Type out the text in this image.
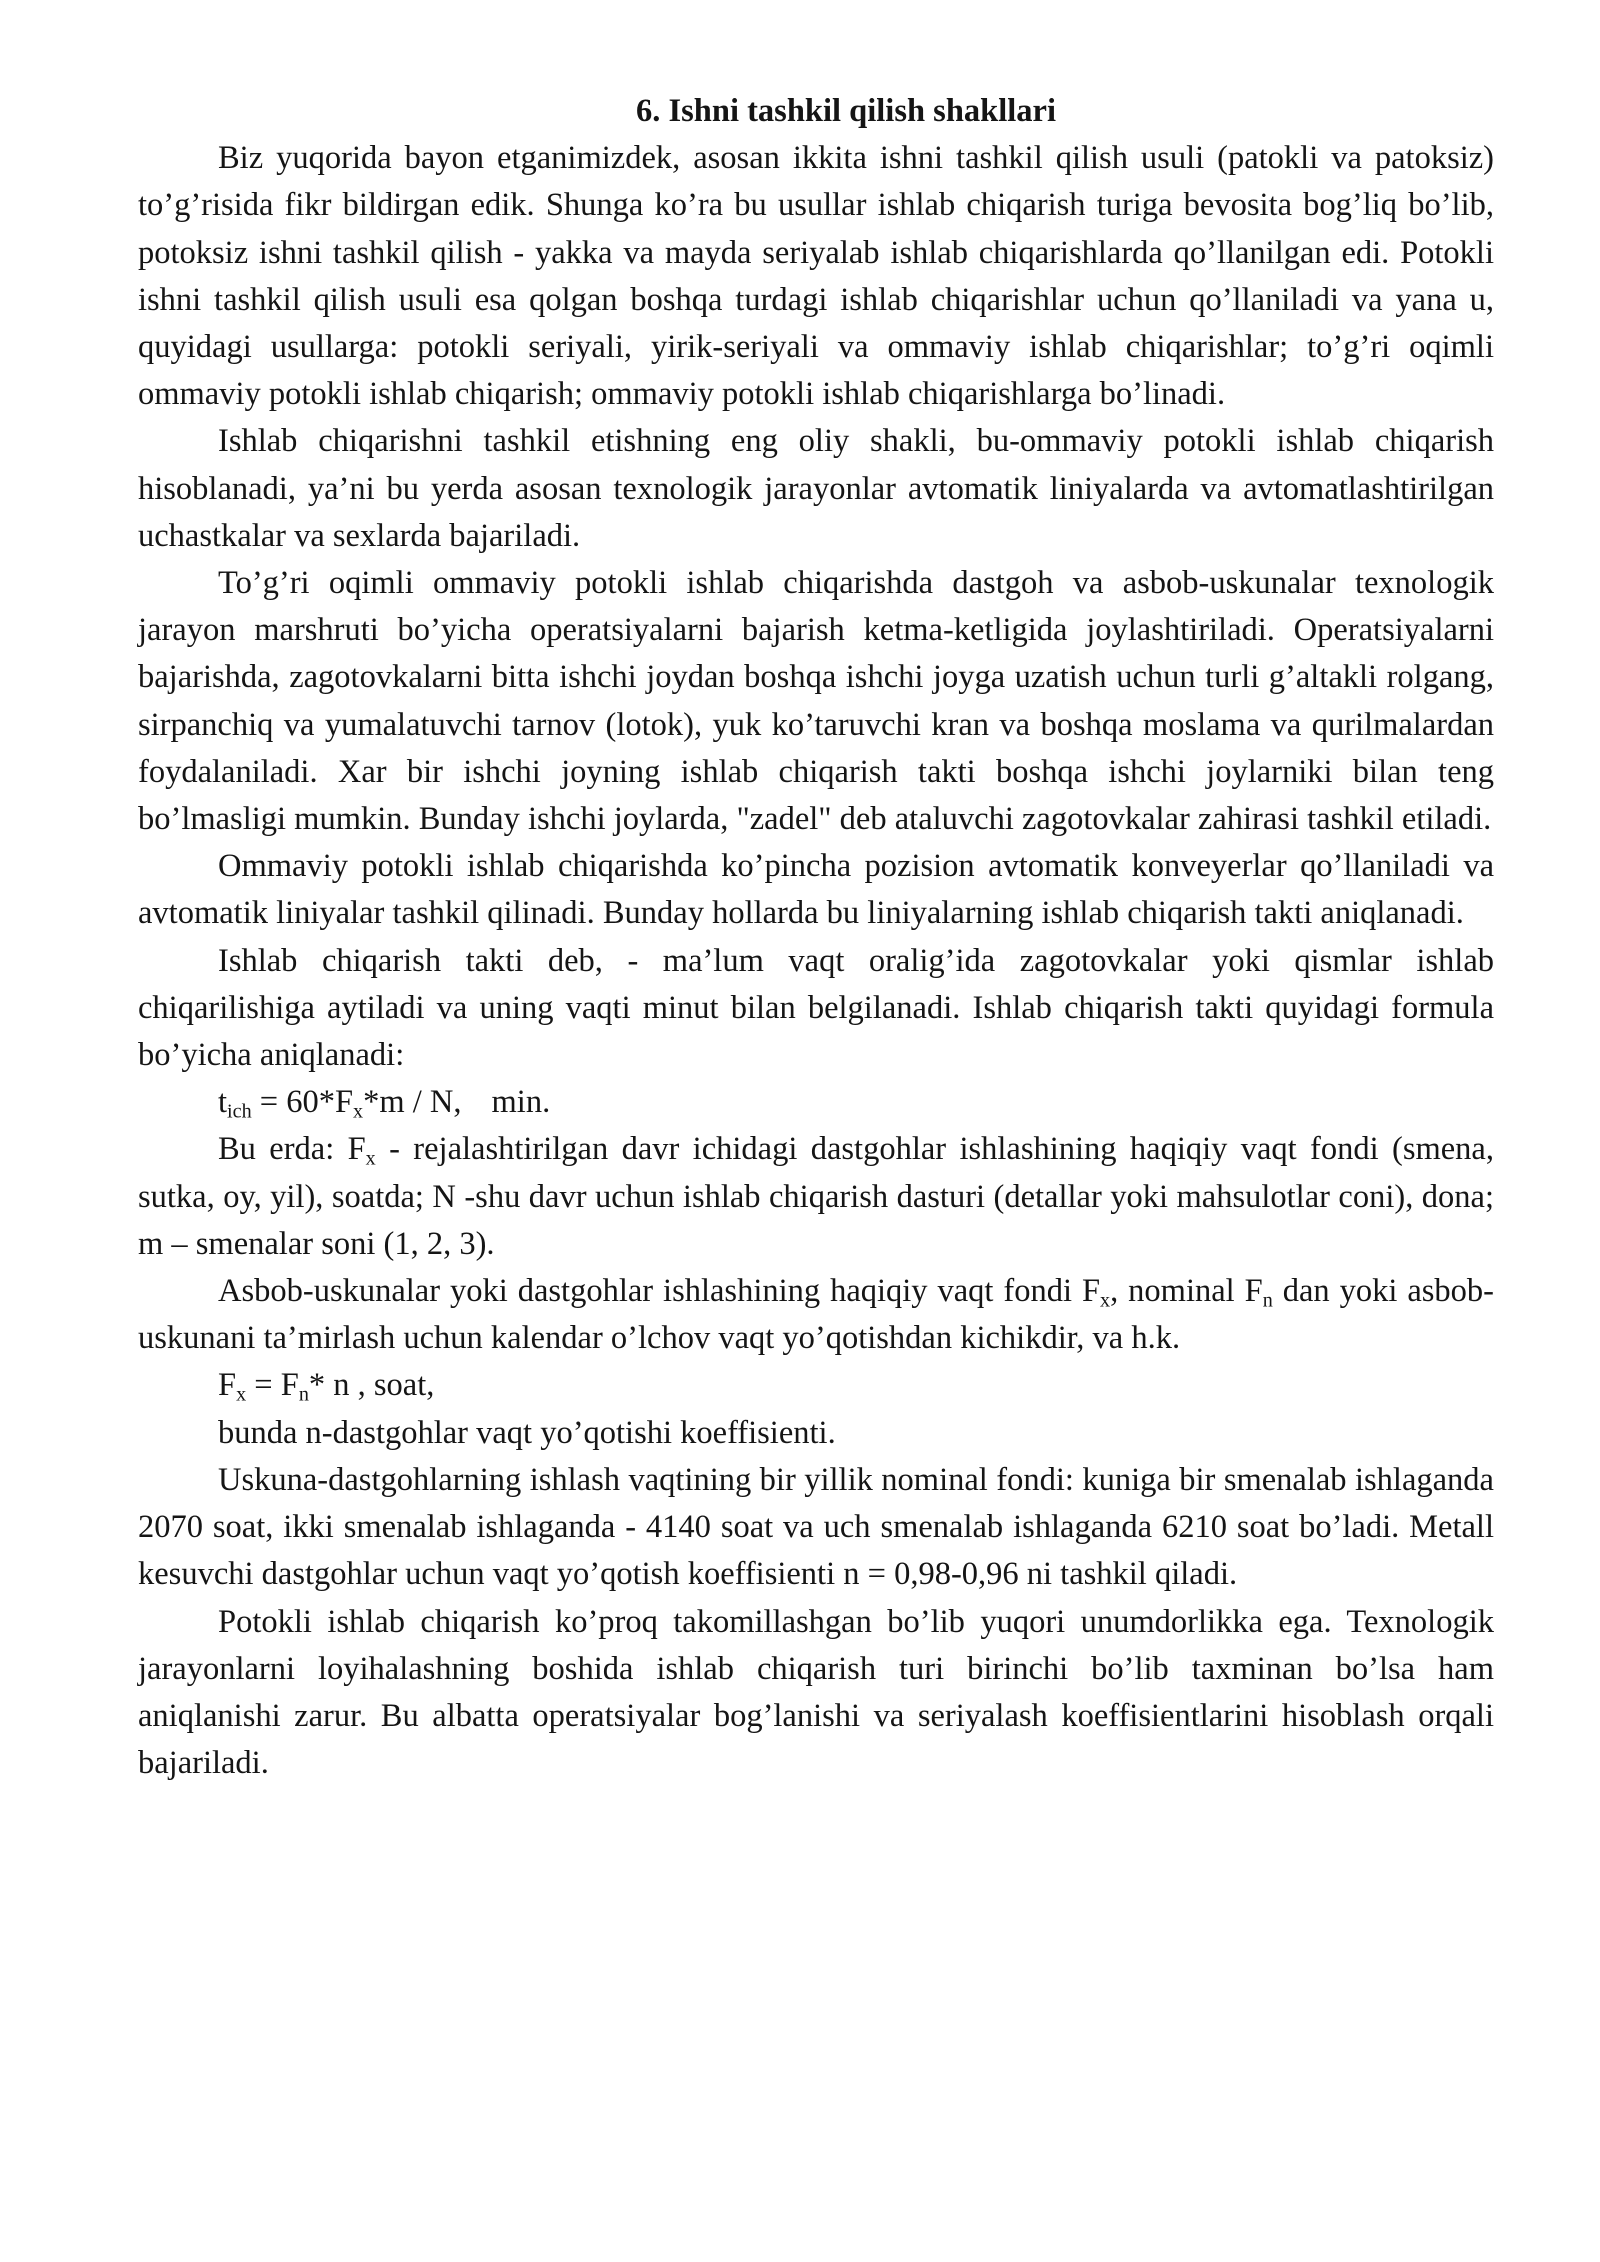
6. Ishni tashkil qilish shakllari

Biz yuqorida bayon etganimizdek, asosan ikkita ishni tashkil qilish usuli (patokli va patoksiz) to’g’risida fikr bildirgan edik. Shunga ko’ra bu usullar ishlab chiqarish turiga bevosita bog’liq bo’lib, potoksiz ishni tashkil qilish - yakka va mayda seriyalab ishlab chiqarishlarda qo’llanilgan edi. Potokli ishni tashkil qilish usuli esa qolgan boshqa turdagi ishlab chiqarishlar uchun qo’llaniladi va yana u, quyidagi usullarga: potokli seriyali, yirik-seriyali va ommaviy ishlab chiqarishlar; to’g’ri oqimli ommaviy potokli ishlab chiqarish; ommaviy potokli ishlab chiqarishlarga bo’linadi.

Ishlab chiqarishni tashkil etishning eng oliy shakli, bu-ommaviy potokli ishlab chiqarish hisoblanadi, ya’ni bu yerda asosan texnologik jarayonlar avtomatik liniyalarda va avtomatlashtirilgan uchastkalar va sexlarda bajariladi.

To’g’ri oqimli ommaviy potokli ishlab chiqarishda dastgoh va asbob-uskunalar texnologik jarayon marshruti bo’yicha operatsiyalarni bajarish ketma-ketligida joylashtiriladi. Operatsiyalarni bajarishda, zagotovkalarni bitta ishchi joydan boshqa ishchi joyga uzatish uchun turli g’altakli rolgang, sirpanchiq va yumalatuvchi tarnov (lotok), yuk ko’taruvchi kran va boshqa moslama va qurilmalardan foydalaniladi. Xar bir ishchi joyning ishlab chiqarish takti boshqa ishchi joylarniki bilan teng bo’lmasligi mumkin. Bunday ishchi joylarda, "zadel" deb ataluvchi zagotovkalar zahirasi tashkil etiladi.

Ommaviy potokli ishlab chiqarishda ko’pincha pozision avtomatik konveyerlar qo’llaniladi va avtomatik liniyalar tashkil qilinadi. Bunday hollarda bu liniyalarning ishlab chiqarish takti aniqlanadi.

Ishlab chiqarish takti deb, - ma’lum vaqt oralig’ida zagotovkalar yoki qismlar ishlab chiqarilishiga aytiladi va uning vaqti minut bilan belgilanadi. Ishlab chiqarish takti quyidagi formula bo’yicha aniqlanadi:

$t_{ich} = 60*F_x*m / N$, min.

Bu erda: $F_x$ - rejalashtirilgan davr ichidagi dastgohlar ishlashining haqiqiy vaqt fondi (smena, sutka, oy, yil), soatda; N -shu davr uchun ishlab chiqarish dasturi (detallar yoki mahsulotlar coni), dona; m – smenalar soni (1, 2, 3).

Asbob-uskunalar yoki dastgohlar ishlashining haqiqiy vaqt fondi $F_x$, nominal $F_n$ dan yoki asbob-uskunani ta’mirlash uchun kalendar o’lchov vaqt yo’qotishdan kichikdir, va h.k.

$F_x = F_n*$ n , soat,

bunda n-dastgohlar vaqt yo’qotishi koeffisienti.

Uskuna-dastgohlarning ishlash vaqtining bir yillik nominal fondi: kuniga bir smenalab ishlaganda 2070 soat, ikki smenalab ishlaganda - 4140 soat va uch smenalab ishlaganda 6210 soat bo’ladi. Metall kesuvchi dastgohlar uchun vaqt yo’qotish koeffisienti n = 0,98-0,96 ni tashkil qiladi.

Potokli ishlab chiqarish ko’proq takomillashgan bo’lib yuqori unumdorlikka ega. Texnologik jarayonlarni loyihalashning boshida ishlab chiqarish turi birinchi bo’lib taxminan bo’lsa ham aniqlanishi zarur. Bu albatta operatsiyalar bog’lanishi va seriyalash koeffisientlarini hisoblash orqali bajariladi.
